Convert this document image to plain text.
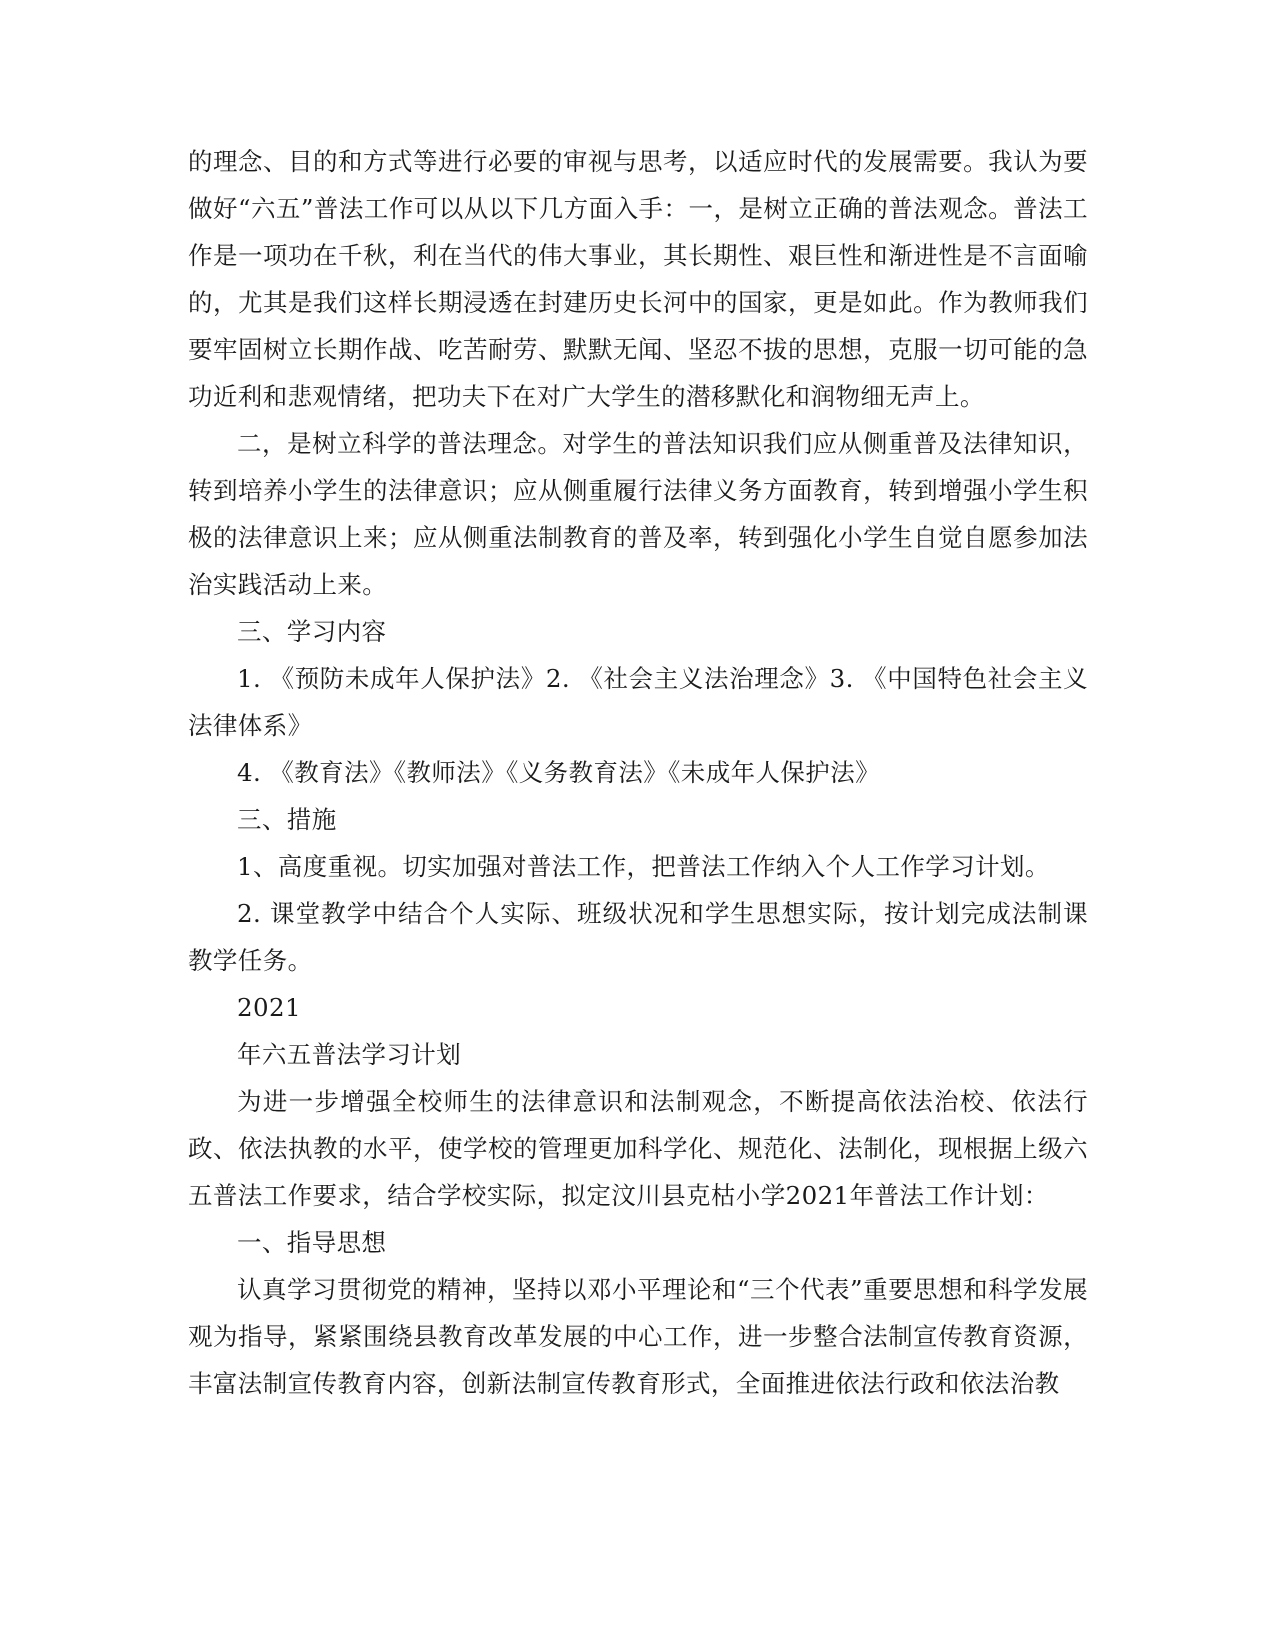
的理念、目的和方式等进行必要的审视与思考，以适应时代的发展需要。我认为要做好“六五”普法工作可以从以下几方面入手：一，是树立正确的普法观念。普法工作是一项功在千秋，利在当代的伟大事业，其长期性、艰巨性和渐进性是不言面喻的，尤其是我们这样长期浸透在封建历史长河中的国家，更是如此。作为教师我们要牢固树立长期作战、吃苦耐劳、默默无闻、坚忍不拔的思想，克服一切可能的急功近利和悲观情绪，把功夫下在对广大学生的潜移默化和润物细无声上。

二，是树立科学的普法理念。对学生的普法知识我们应从侧重普及法律知识，转到培养小学生的法律意识；应从侧重履行法律义务方面教育，转到增强小学生积极的法律意识上来；应从侧重法制教育的普及率，转到强化小学生自觉自愿参加法治实践活动上来。

三、学习内容

1. 《预防未成年人保护法》2. 《社会主义法治理念》3. 《中国特色社会主义法律体系》

4. 《教育法》《教师法》《义务教育法》《未成年人保护法》

三、措施

1、高度重视。切实加强对普法工作，把普法工作纳入个人工作学习计划。

2. 课堂教学中结合个人实际、班级状况和学生思想实际，按计划完成法制课教学任务。

2021

年六五普法学习计划

为进一步增强全校师生的法律意识和法制观念，不断提高依法治校、依法行政、依法执教的水平，使学校的管理更加科学化、规范化、法制化，现根据上级六五普法工作要求，结合学校实际，拟定汶川县克枯小学2021年普法工作计划：

一、指导思想

认真学习贯彻党的精神，坚持以邓小平理论和“三个代表”重要思想和科学发展观为指导，紧紧围绕县教育改革发展的中心工作，进一步整合法制宣传教育资源，丰富法制宣传教育内容，创新法制宣传教育形式，全面推进依法行政和依法治教
